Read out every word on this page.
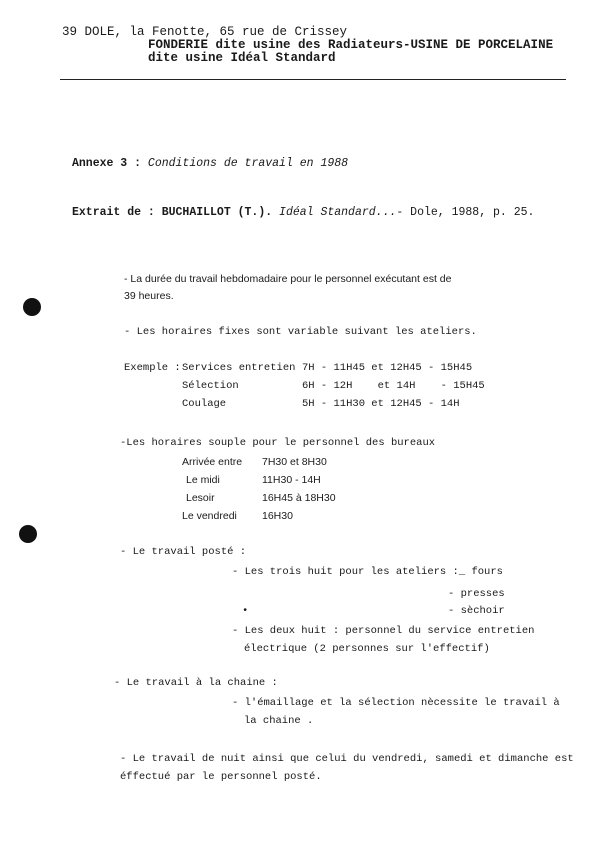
39 DOLE, la Fenotte, 65 rue de Crissey
FONDERIE dite usine des Radiateurs-USINE DE PORCELAINE
dite usine Idéal Standard
Annexe 3 : Conditions de travail en 1988
Extrait de : BUCHAILLOT (T.). Idéal Standard...- Dole, 1988, p. 25.
- La durée du travail hebdomadaire pour le personnel exécutant est de
39 heures.
- Les horaires fixes sont variable suivant les ateliers.
Exemple : Services entretien 7H - 11H45 et 12H45 - 15H45
Sélection	6H - 12H    et 14H    - 15H45
Coulage	5H - 11H30 et 12H45 - 14H
-Les horaires souple pour le personnel des bureaux
Arrivée entre 7H30 et 8H30
Le midi	11H30 - 14H
Lesoir	16H45 à 18H30
Le vendredi 16H30
- Le travail posté :
- Les trois huit pour les ateliers :_ fours
- presses
•	- sèchoir
- Les deux huit : personnel du service entretien
électrique (2 personnes sur l'effectif)
- Le travail à la chaine :
- l'émaillage et la sélection nècessite le travail à
la chaine .
- Le travail de nuit ainsi que celui du vendredi, samedi et dimanche est
éffectué par le personnel posté.
